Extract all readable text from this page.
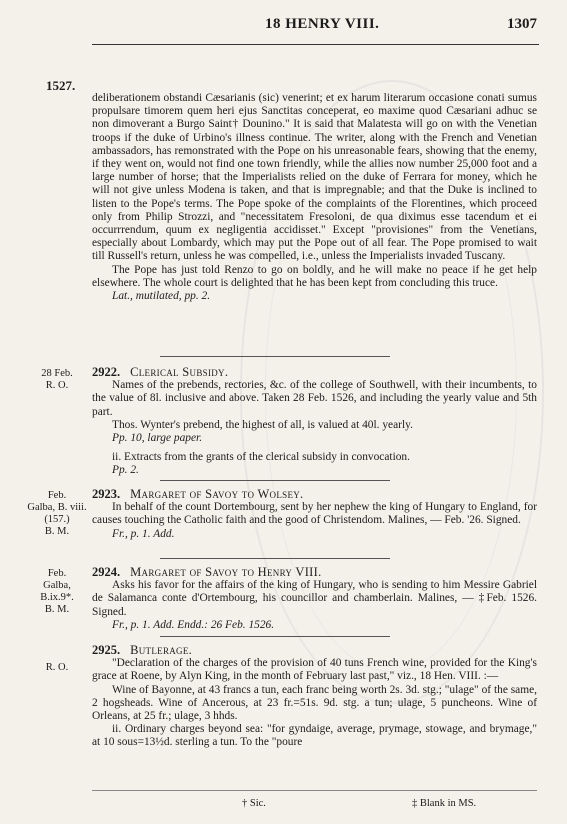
18 HENRY VIII.	1307
1527.

deliberationem obstandi Cæsarianis (sic) venerint; et ex harum literarum occasione conati sumus propulsare timorem quem heri ejus Sanctitas conceperat, eo maxime quod Cæsariani adhuc se non dimoverant a Burgo Saint† Dounino." It is said that Malatesta will go on with the Venetian troops if the duke of Urbino's illness continue. The writer, along with the French and Venetian ambassadors, has remonstrated with the Pope on his unreasonable fears, showing that the enemy, if they went on, would not find one town friendly, while the allies now number 25,000 foot and a large number of horse; that the Imperialists relied on the duke of Ferrara for money, which he will not give unless Modena is taken, and that is impregnable; and that the Duke is inclined to listen to the Pope's terms. The Pope spoke of the complaints of the Florentines, which proceed only from Philip Strozzi, and "necessitatem Fresoloni, de qua diximus esse tacendum et ei occurrrendum, quum ex negligentia accidisset." Except "provisiones" from the Venetians, especially about Lombardy, which may put the Pope out of all fear. The Pope promised to wait till Russell's return, unless he was compelled, i.e., unless the Imperialists invaded Tuscany.

The Pope has just told Renzo to go on boldly, and he will make no peace if he get help elsewhere. The whole court is delighted that he has been kept from concluding this truce.

Lat., mutilated, pp. 2.

28 Feb.
R. O.

2922. Clerical Subsidy.

Names of the prebends, rectories, &c. of the college of Southwell, with their incumbents, to the value of 8l. inclusive and above. Taken 28 Feb. 1526, and including the yearly value and 5th part.

Thos. Wynter's prebend, the highest of all, is valued at 40l. yearly.

Pp. 10, large paper.

ii. Extracts from the grants of the clerical subsidy in convocation.

Pp. 2.

Feb.
Galba, B. viii.
(157.)
B. M.

2923. Margaret of Savoy to Wolsey.

In behalf of the count Dortembourg, sent by her nephew the king of Hungary to England, for causes touching the Catholic faith and the good of Christendom. Malines, — Feb. '26. Signed.

Fr., p. 1. Add.

Feb.
Galba, B.ix.9*.
B. M.

2924. Margaret of Savoy to Henry VIII.

Asks his favor for the affairs of the king of Hungary, who is sending to him Messire Gabriel de Salamanca conte d'Ortembourg, his councillor and chamberlain. Malines, — ‡Feb. 1526. Signed.

Fr., p. 1. Add. Endd.: 26 Feb. 1526.

R. O.

2925. Butlerage.

"Declaration of the charges of the provision of 40 tuns French wine, provided for the King's grace at Roene, by Alyn King, in the month of February last past," viz., 18 Hen. VIII. :—

Wine of Bayonne, at 43 francs a tun, each franc being worth 2s. 3d. stg.; "ulage" of the same, 2 hogsheads. Wine of Ancerous, at 23 fr.=51s. 9d. stg. a tun; ulage, 5 puncheons. Wine of Orleans, at 25 fr.; ulage, 3 hhds.

ii. Ordinary charges beyond sea: "for gyndaige, average, prymage, stowage, and brymage," at 10 sous=13½d. sterling a tun. To the "poure

† Sic.	‡ Blank in MS.
